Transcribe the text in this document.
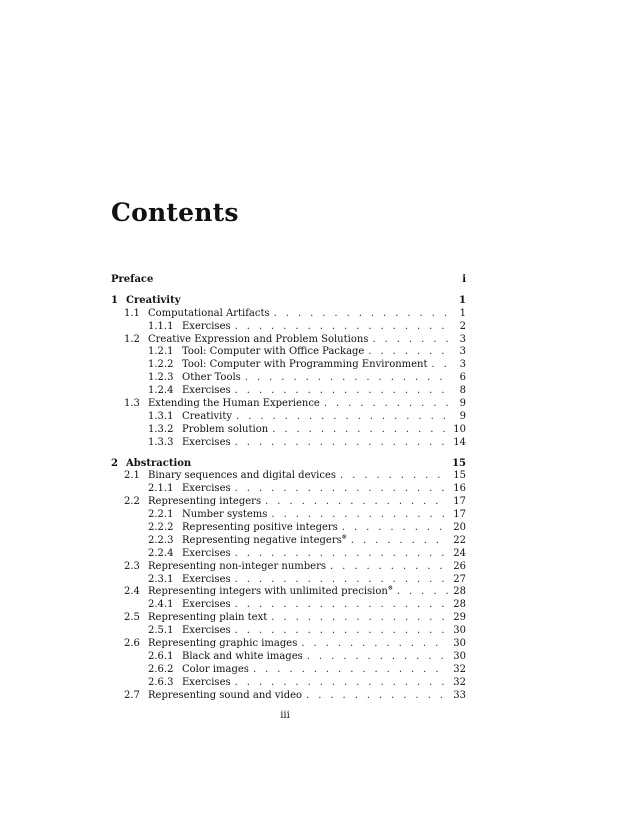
Contents
Preface	i
1 Creativity	1
1.1 Computational Artifacts . . .	1
1.1.1 Exercises . . .	2
1.2 Creative Expression and Problem Solutions . . .	3
1.2.1 Tool: Computer with Office Package . . .	3
1.2.2 Tool: Computer with Programming Environment . . .	3
1.2.3 Other Tools . . .	6
1.2.4 Exercises . . .	8
1.3 Extending the Human Experience . . .	9
1.3.1 Creativity . . .	9
1.3.2 Problem solution . . .	10
1.3.3 Exercises . . .	14
2 Abstraction	15
2.1 Binary sequences and digital devices . . .	15
2.1.1 Exercises . . .	16
2.2 Representing integers . . .	17
2.2.1 Number systems . . .	17
2.2.2 Representing positive integers . . .	20
2.2.3 Representing negative integers⊗ . . .	22
2.2.4 Exercises . . .	24
2.3 Representing non-integer numbers . . .	26
2.3.1 Exercises . . .	27
2.4 Representing integers with unlimited precision⊗ . . .	28
2.4.1 Exercises . . .	28
2.5 Representing plain text . . .	29
2.5.1 Exercises . . .	30
2.6 Representing graphic images . . .	30
2.6.1 Black and white images . . .	30
2.6.2 Color images . . .	32
2.6.3 Exercises . . .	32
2.7 Representing sound and video . . .	33
iii
